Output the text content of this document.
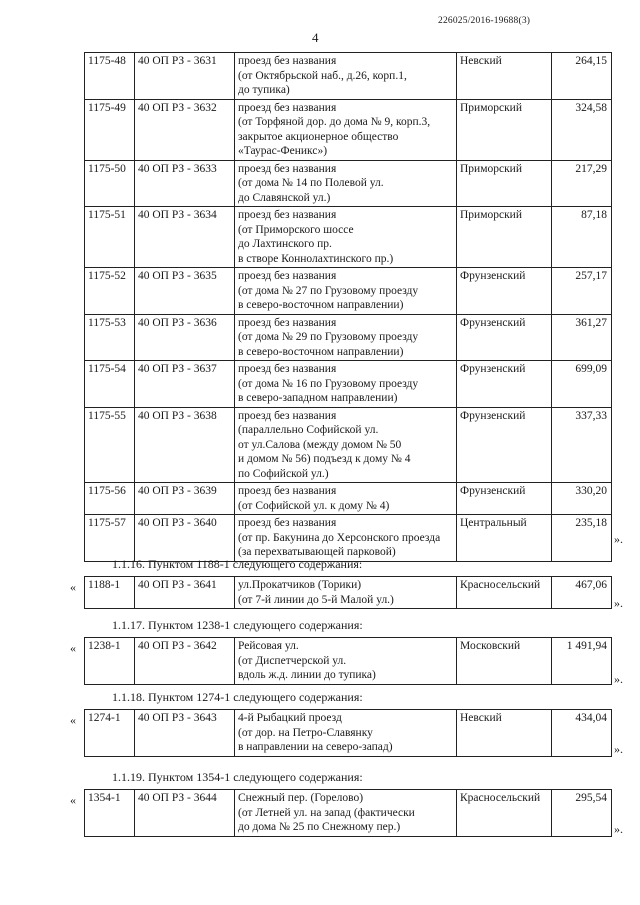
226025/2016-19688(3)
4
1175-48	40 ОП РЗ - 3631	проезд без названия
(от Октябрьской наб., д.26, корп.1,
до тупика)	Невский	264,15
1175-49	40 ОП РЗ - 3632	проезд без названия
(от Торфяной дор. до дома № 9, корп.3,
закрытое акционерное общество
«Таурас-Феникс»)	Приморский	324,58
1175-50	40 ОП РЗ - 3633	проезд без названия
(от дома № 14 по Полевой ул.
до Славянской ул.)	Приморский	217,29
1175-51	40 ОП РЗ - 3634	проезд без названия
(от Приморского шоссе
до Лахтинского пр.
в створе Коннолахтинского пр.)	Приморский	87,18
1175-52	40 ОП РЗ - 3635	проезд без названия
(от дома № 27 по Грузовому проезду
в северо-восточном направлении)	Фрунзенский	257,17
1175-53	40 ОП РЗ - 3636	проезд без названия
(от дома № 29 по Грузовому проезду
в северо-восточном направлении)	Фрунзенский	361,27
1175-54	40 ОП РЗ - 3637	проезд без названия
(от дома № 16 по Грузовому проезду
в северо-западном направлении)	Фрунзенский	699,09
1175-55	40 ОП РЗ - 3638	проезд без названия
(параллельно Софийской ул.
от ул.Салова (между домом № 50
и домом № 56) подъезд к дому № 4
по Софийской ул.)	Фрунзенский	337,33
1175-56	40 ОП РЗ - 3639	проезд без названия
(от Софийской ул. к дому № 4)	Фрунзенский	330,20
1175-57	40 ОП РЗ - 3640	проезд без названия
(от пр. Бакунина до Херсонского проезда
(за перехватывающей парковой)	Центральный	235,18
».
1.1.16. Пунктом 1188-1 следующего содержания:
« 1188-1	40 ОП РЗ - 3641	ул.Прокатчиков (Торики)
(от 7-й линии до 5-й Малой ул.)
	Красносельский	467,06
».
1.1.17. Пунктом 1238-1 следующего содержания:
« 1238-1	40 ОП РЗ - 3642	Рейсовая ул.
(от Диспетчерской ул.
вдоль ж.д. линии до тупика)
	Московский	1 491,94
».
1.1.18. Пунктом 1274-1 следующего содержания:
« 1274-1	40 ОП РЗ - 3643	4-й Рыбацкий проезд
(от дор. на Петро-Славянку
в направлении на северо-запад)
	Невский	434,04
».
1.1.19. Пунктом 1354-1 следующего содержания:
« 1354-1	40 ОП РЗ - 3644	Снежный пер. (Горелово)
(от Летней ул. на запад (фактически
до дома № 25 по Снежному пер.)
	Красносельский	295,54
».
